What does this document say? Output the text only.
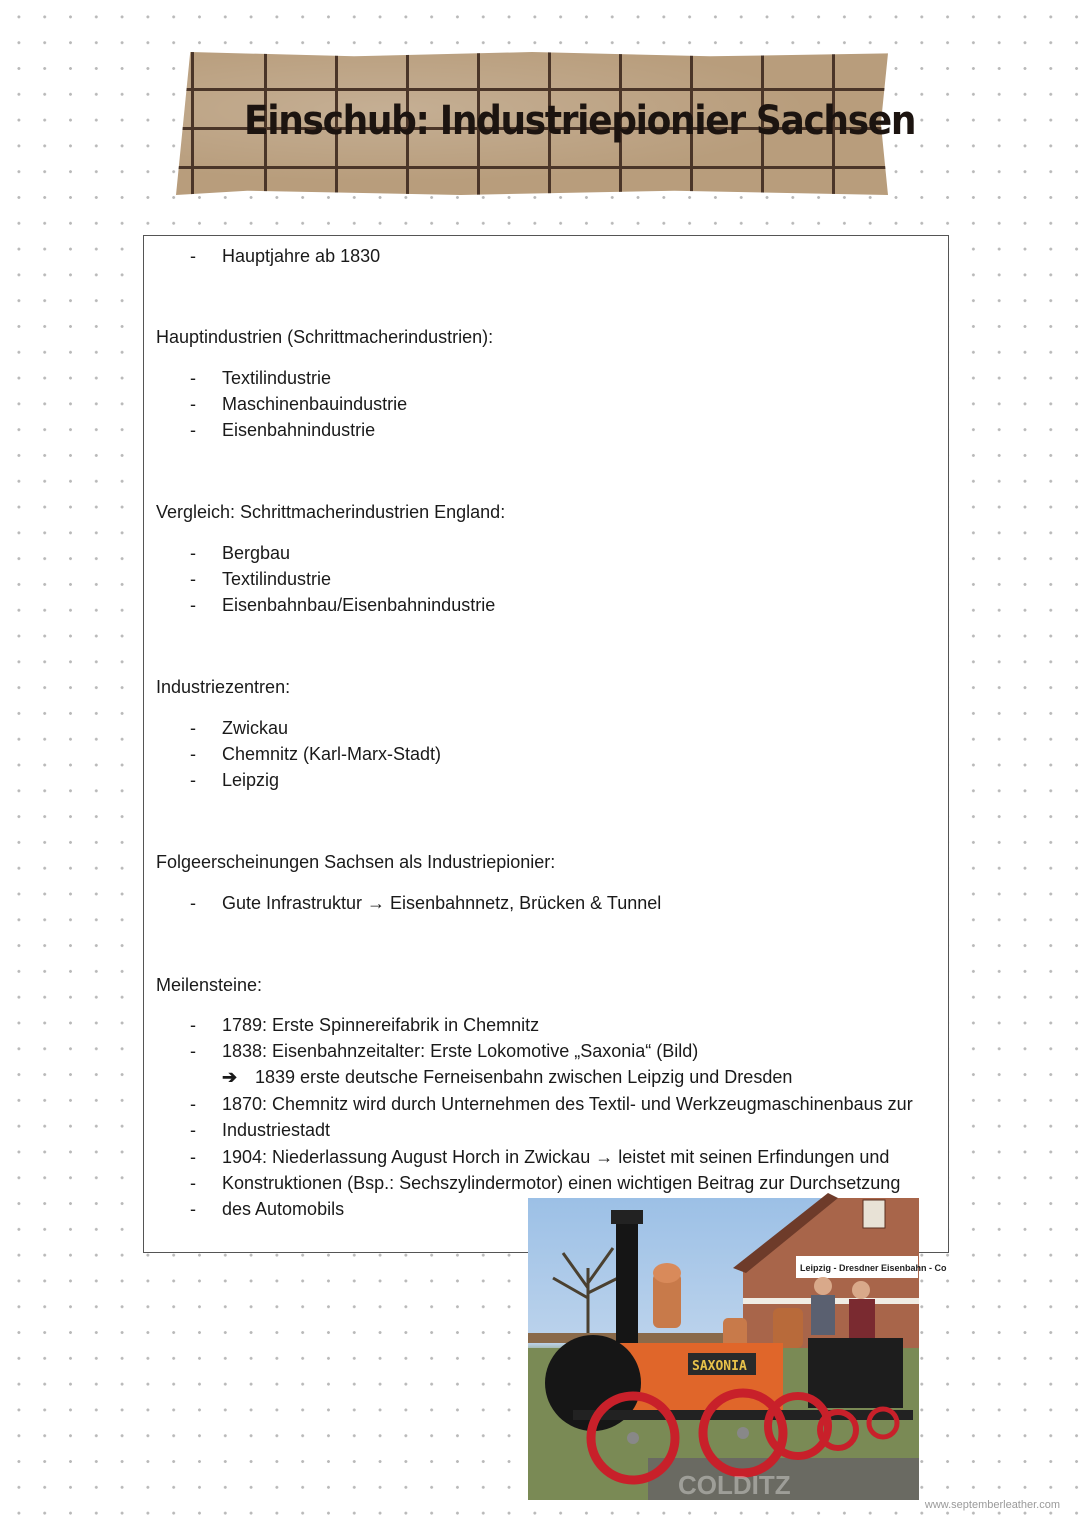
Einschub: Industriepionier Sachsen
- Hauptjahre ab 1830
Hauptindustrien (Schrittmacherindustrien):
- Textilindustrie
- Maschinenbauindustrie
- Eisenbahnindustrie
Vergleich: Schrittmacherindustrien England:
- Bergbau
- Textilindustrie
- Eisenbahnbau/Eisenbahnindustrie
Industriezentren:
- Zwickau
- Chemnitz (Karl-Marx-Stadt)
- Leipzig
Folgeerscheinungen Sachsen als Industriepionier:
- Gute Infrastruktur → Eisenbahnnetz, Brücken & Tunnel
Meilensteine:
- 1789: Erste Spinnereifabrik in Chemnitz
- 1838: Eisenbahnzeitalter: Erste Lokomotive „Saxonia“ (Bild)
➔ 1839 erste deutsche Ferneisenbahn zwischen Leipzig und Dresden
- 1870: Chemnitz wird durch Unternehmen des Textil- und Werkzeugmaschinenbaus zur
- Industriestadt
- 1904: Niederlassung August Horch in Zwickau → leistet mit seinen Erfindungen und
- Konstruktionen (Bsp.: Sechszylindermotor) einen wichtigen Beitrag zur Durchsetzung
- des Automobils
Leipzig - Dresdner Eisenbahn - Co
SAXONIA
COLDITZ
www.septemberleather.com
